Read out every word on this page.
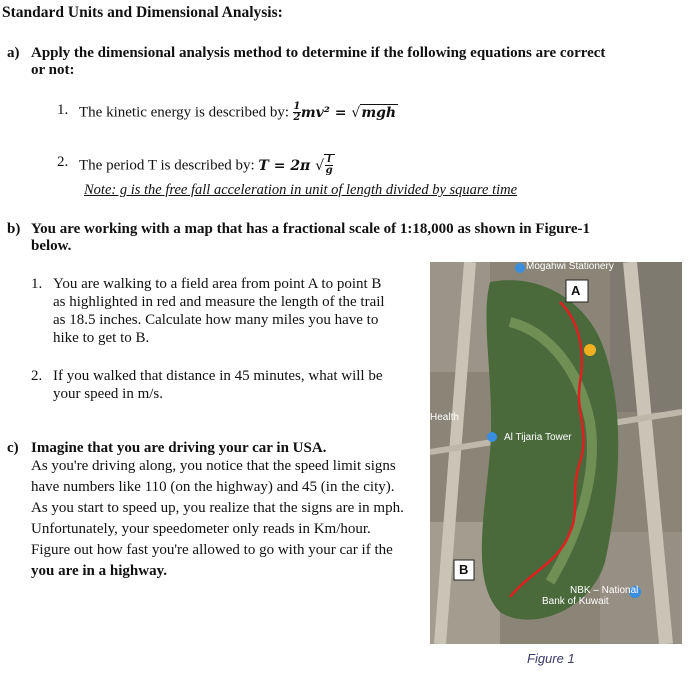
Standard Units and Dimensional Analysis:
a) Apply the dimensional analysis method to determine if the following equations are correct
or not:
1. The kinetic energy is described by: $\frac{1}{2} mv^2 = √mgh$
2. The period T is described by: T = 2π √ $\frac{l}{g}$
Note: g is the free fall acceleration in unit of length divided by square time
b) You are working with a map that has a fractional scale of 1:18,000 as shown in Figure-1
below.
1. You are walking to a field area from point A to point B
as highlighted in red and measure the length of the trail
as 18.5 inches. Calculate how many miles you have to
hike to get to B.
2. If you walked that distance in 45 minutes, what will be
your speed in m/s.
c) Imagine that you are driving your car in USA.
As you're driving along, you notice that the speed limit signs
have numbers like 110 (on the highway) and 45 (in the city).
As you start to speed up, you realize that the signs are in mph.
Unfortunately, your speedometer only reads in Km/hour.
Figure out how fast you're allowed to go with your car if the
you are in a highway.
A
B
Mogahwi Stationery
Al Tijaria Tower
NBK – National
Bank of Kuwait
Health
Figure 1
